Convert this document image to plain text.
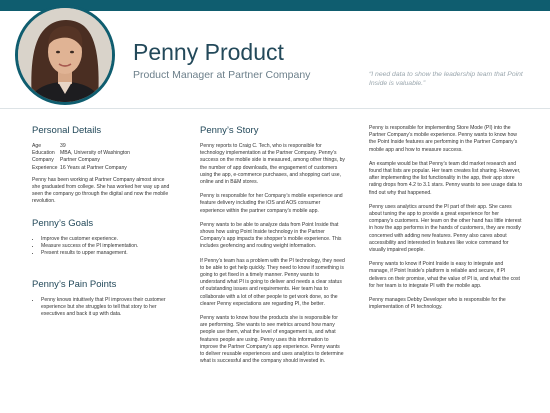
Penny Product
Product Manager at Partner Company	“I need data to show the leadership team that Point Inside is valuable.”
Personal Details
Age	39
Education	MBA, University of Washington
Company	Partner Company
Experience	16 Years at Partner Company

Penny has been working at Partner Company almost since she graduated from college. She has worked her way up and seen the company go through the digital and now the mobile revolution.

Penny’s Goals
• Improve the customer experience.
• Measure success of the PI implementation.
• Present results to upper management.
Penny’s Pain Points
• Penny knows intuitively that PI improves their customer experience but she struggles to tell that story to her executives and back it up with data.
Penny’s Story

Penny reports to Craig C. Tech, who is responsible for technology implementation at the Partner Company. Penny’s success on the mobile side is measured, among other things, by the number of app downloads, the engagement of customers using the app, e-commerce purchases, and shopping cart use, online and in B&M stores.

Penny is responsible for her Company’s mobile experience and feature delivery including the iOS and AOS consumer experience within the partner company’s mobile app.

Penny wants to be able to analyze data from Point Inside that shows how using Point Inside technology in the Partner Company’s app impacts the shopper’s mobile experience. This includes geofencing and routing weight information.

If Penny’s team has a problem with the PI technology, they need to be able to get help quickly. They need to know if something is going to get fixed in a timely manner. Penny wants to understand what PI is going to deliver and needs a clear status of outstanding issues and requirements. Her team has to collaborate with a lot of other people to get work done, so the clearer Penny expectations are regarding PI, the better.

Penny wants to know how the products she is responsible for are performing. She wants to see metrics around how many people use them, what the level of engagement is, and what features people are using. Penny uses this information to improve the Partner Company’s app experience. Penny wants to deliver reusable experiences and uses analytics to determine what is successful and the company should invested in.

Penny is responsible for implementing Store Mode (PI) into the Partner Company’s mobile experience. Penny wants to know how the Point Inside features are performing in the Partner Company’s mobile app and how to measure success.

An example would be that Penny’s team did market research and found that lists are popular. Her team creates list sharing. However, after implementing the list functionality in the app, their app store rating drops from 4.2 to 3.1 stars. Penny wants to see usage data to find out why that happened.

Penny uses analytics around the PI part of their app. She cares about tuning the app to provide a great experience for her company’s customers. Her team on the other hand has little interest in how the app performs in the hands of customers, they are mostly concerned with adding new features. Penny also cares about accessibility and interested in features like voice command for visually impaired people.

Penny wants to know if Point Inside is easy to integrate and manage, if Point Inside’s platform is reliable and secure, if PI delivers on their promise, what the value of PI is, and what the cost for her team is to integrate PI with the mobile app.

Penny manages Debby Developer who is responsible for the implementation of PI technology.
